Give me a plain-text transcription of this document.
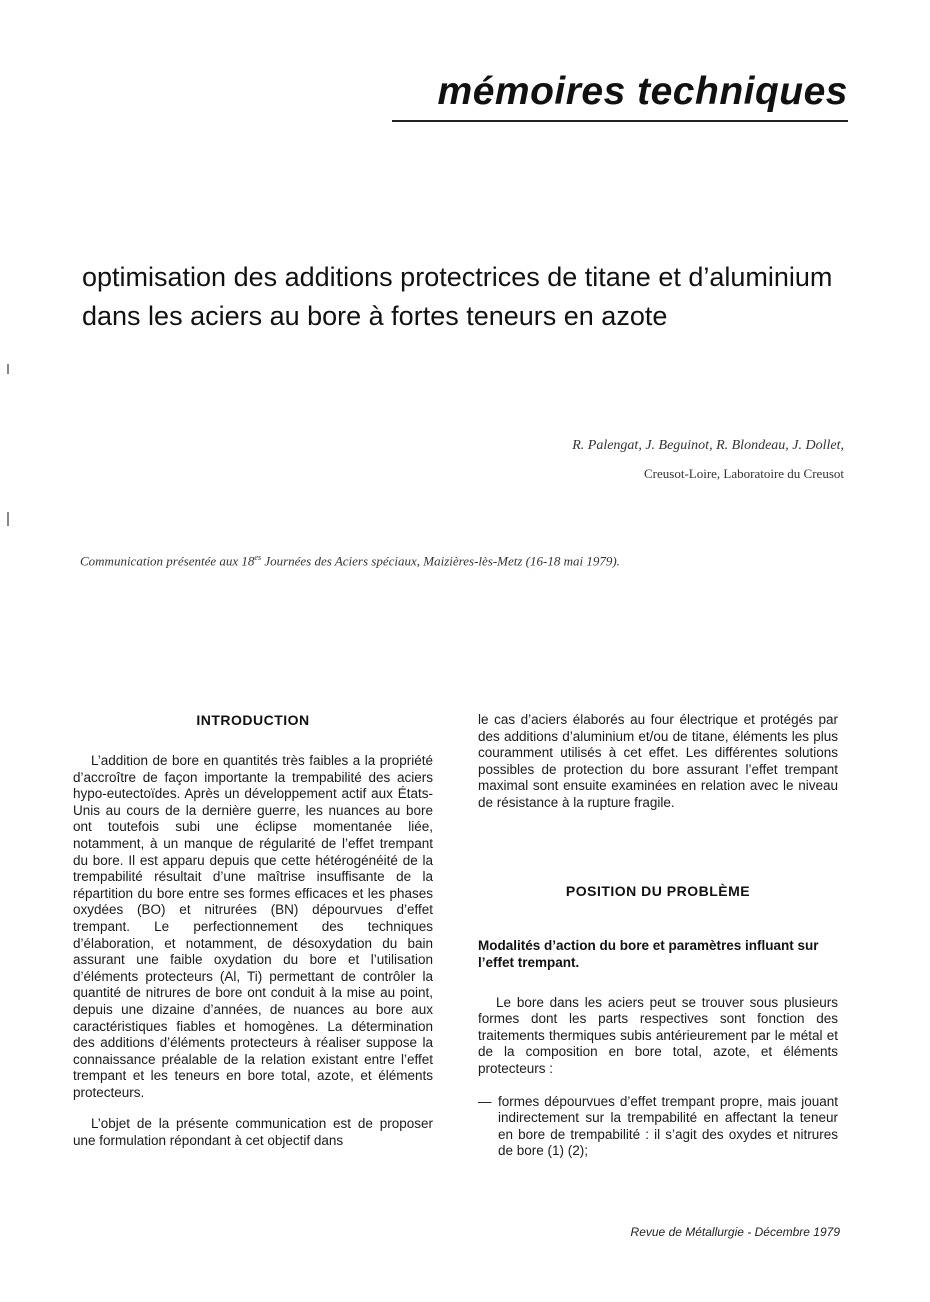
mémoires techniques
optimisation des additions protectrices de titane et d’aluminium dans les aciers au bore à fortes teneurs en azote
R. Palengat, J. Beguinot, R. Blondeau, J. Dollet,
Creusot-Loire, Laboratoire du Creusot
Communication présentée aux $18^{es}$ Journées des Aciers spéciaux, Maizières-lès-Metz (16-18 mai 1979).
INTRODUCTION

L’addition de bore en quantités très faibles a la propriété d’accroître de façon importante la trempabilité des aciers hypo-eutectoïdes. Après un développement actif aux États-Unis au cours de la dernière guerre, les nuances au bore ont toutefois subi une éclipse momentanée liée, notamment, à un manque de régularité de l’effet trempant du bore. Il est apparu depuis que cette hétérogénéité de la trempabilité résultait d’une maîtrise insuffisante de la répartition du bore entre ses formes efficaces et les phases oxydées (BO) et nitrurées (BN) dépourvues d’effet trempant. Le perfectionnement des techniques d’élaboration, et notamment, de désoxydation du bain assurant une faible oxydation du bore et l’utilisation d’éléments protecteurs (Al, Ti) permettant de contrôler la quantité de nitrures de bore ont conduit à la mise au point, depuis une dizaine d’années, de nuances au bore aux caractéristiques fiables et homogènes. La détermination des additions d’éléments protecteurs à réaliser suppose la connaissance préalable de la relation existant entre l’effet trempant et les teneurs en bore total, azote, et éléments protecteurs.

L’objet de la présente communication est de proposer une formulation répondant à cet objectif dans

le cas d’aciers élaborés au four électrique et protégés par des additions d’aluminium et/ou de titane, éléments les plus couramment utilisés à cet effet. Les différentes solutions possibles de protection du bore assurant l’effet trempant maximal sont ensuite examinées en relation avec le niveau de résistance à la rupture fragile.

POSITION DU PROBLÈME

Modalités d’action du bore et paramètres influant sur l’effet trempant.

Le bore dans les aciers peut se trouver sous plusieurs formes dont les parts respectives sont fonction des traitements thermiques subis antérieurement par le métal et de la composition en bore total, azote, et éléments protecteurs :

— formes dépourvues d’effet trempant propre, mais jouant indirectement sur la trempabilité en affectant la teneur en bore de trempabilité : il s’agit des oxydes et nitrures de bore (1) (2);
Revue de Métallurgie - Décembre 1979
